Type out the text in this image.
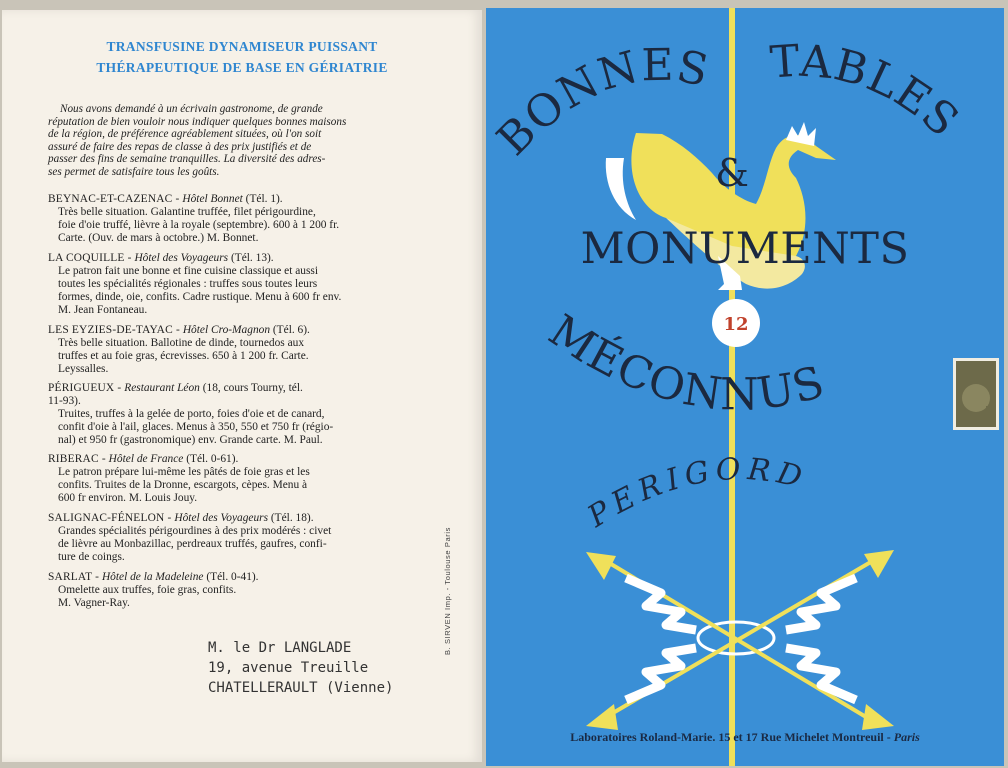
TRANSFUSINE DYNAMISEUR PUISSANT
THÉRAPEUTIQUE DE BASE EN GÉRIATRIE
Nous avons demandé à un écrivain gastronome, de grande
réputation de bien vouloir nous indiquer quelques bonnes maisons
de la région, de préférence agréablement situées, où l'on soit
assuré de faire des repas de classe à des prix justifiés et de
passer des fins de semaine tranquilles. La diversité des adres-
ses permet de satisfaire tous les goûts.
BEYNAC-ET-CAZENAC - Hôtel Bonnet (Tél. 1).
Très belle situation. Galantine truffée, filet périgourdine,
foie d'oie truffé, lièvre à la royale (septembre). 600 à 1 200 fr.
Carte. (Ouv. de mars à octobre.) M. Bonnet.
LA COQUILLE - Hôtel des Voyageurs (Tél. 13).
Le patron fait une bonne et fine cuisine classique et aussi
toutes les spécialités régionales : truffes sous toutes leurs
formes, dinde, oie, confits. Cadre rustique. Menu à 600 fr env.
M. Jean Fontaneau.
LES EYZIES-DE-TAYAC - Hôtel Cro-Magnon (Tél. 6).
Très belle situation. Ballotine de dinde, tournedos aux
truffes et au foie gras, écrevisses. 650 à 1 200 fr. Carte.
Leyssalles.
PÉRIGUEUX - Restaurant Léon (18, cours Tourny, tél.
11-93).
Truites, truffes à la gelée de porto, foies d'oie et de canard,
confit d'oie à l'ail, glaces. Menus à 350, 550 et 750 fr (régio-
nal) et 950 fr (gastronomique) env. Grande carte. M. Paul.
RIBERAC - Hôtel de France (Tél. 0-61).
Le patron prépare lui-même les pâtés de foie gras et les
confits. Truites de la Dronne, escargots, cèpes. Menu à
600 fr environ. M. Louis Jouy.
SALIGNAC-FÉNELON - Hôtel des Voyageurs (Tél. 18).
Grandes spécialités périgourdines à des prix modérés : civet
de lièvre au Monbazillac, perdreaux truffés, gaufres, confi-
ture de coings.
SARLAT - Hôtel de la Madeleine (Tél. 0-41).
Omelette aux truffes, foie gras, confits.
M. Vagner-Ray.	B. SIRVEN Imp. - Toulouse Paris
M. le Dr LANGLADE
19, avenue Treuille
CHATELLERAULT (Vienne)
BONNES TABLES
&
MONUMENTS
12
MÉCONNUS
PERIGORD
Laboratoires Roland-Marie. 15 et 17 Rue Michelet Montreuil - Paris
